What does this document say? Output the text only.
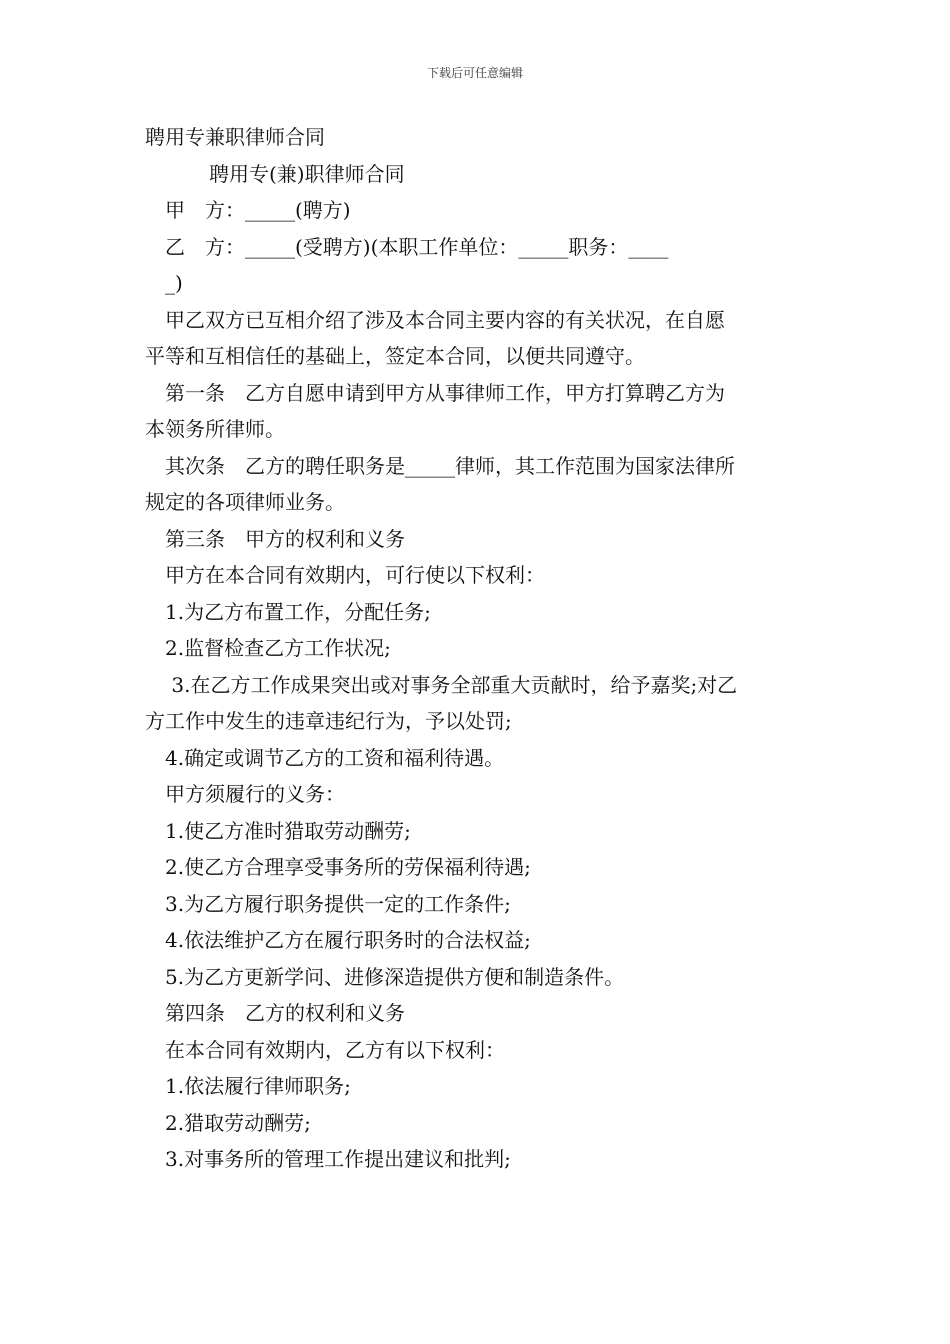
下载后可任意编辑

聘用专兼职律师合同

聘用专(兼)职律师合同

甲　方：_____(聘方)

乙　方：_____(受聘方)(本职工作单位：_____职务：____

_)

甲乙双方已互相介绍了涉及本合同主要内容的有关状况，在自愿

平等和互相信任的基础上，签定本合同，以便共同遵守。

第一条　乙方自愿申请到甲方从事律师工作，甲方打算聘乙方为

本领务所律师。

其次条　乙方的聘任职务是_____律师，其工作范围为国家法律所

规定的各项律师业务。

第三条　甲方的权利和义务

甲方在本合同有效期内，可行使以下权利：

1.为乙方布置工作，分配任务;

2.监督检查乙方工作状况;

3.在乙方工作成果突出或对事务全部重大贡献时，给予嘉奖;对乙

方工作中发生的违章违纪行为，予以处罚;

4.确定或调节乙方的工资和福利待遇。

甲方须履行的义务：

1.使乙方准时猎取劳动酬劳;

2.使乙方合理享受事务所的劳保福利待遇;

3.为乙方履行职务提供一定的工作条件;

4.依法维护乙方在履行职务时的合法权益;

5.为乙方更新学问、进修深造提供方便和制造条件。

第四条　乙方的权利和义务

在本合同有效期内，乙方有以下权利：

1.依法履行律师职务;

2.猎取劳动酬劳;

3.对事务所的管理工作提出建议和批判;
